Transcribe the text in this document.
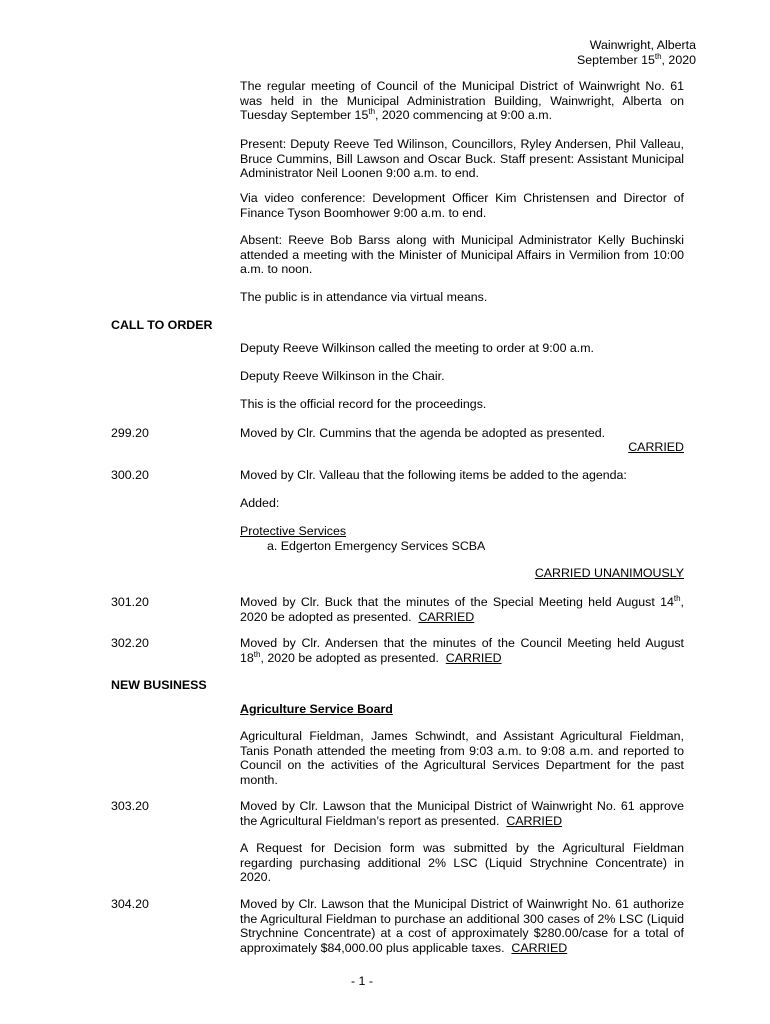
Wainwright, Alberta
September 15th, 2020
The regular meeting of Council of the Municipal District of Wainwright No. 61 was held in the Municipal Administration Building, Wainwright, Alberta on Tuesday September 15th, 2020 commencing at 9:00 a.m.
Present: Deputy Reeve Ted Wilinson, Councillors, Ryley Andersen, Phil Valleau, Bruce Cummins, Bill Lawson and Oscar Buck. Staff present: Assistant Municipal Administrator Neil Loonen 9:00 a.m. to end.
Via video conference: Development Officer Kim Christensen and Director of Finance Tyson Boomhower 9:00 a.m. to end.
Absent: Reeve Bob Barss along with Municipal Administrator Kelly Buchinski attended a meeting with the Minister of Municipal Affairs in Vermilion from 10:00 a.m. to noon.
The public is in attendance via virtual means.
CALL TO ORDER
Deputy Reeve Wilkinson called the meeting to order at 9:00 a.m.
Deputy Reeve Wilkinson in the Chair.
This is the official record for the proceedings.
299.20	Moved by Clr. Cummins that the agenda be adopted as presented.
CARRIED
300.20	Moved by Clr. Valleau that the following items be added to the agenda:
Added:
Protective Services
a. Edgerton Emergency Services SCBA
CARRIED UNANIMOUSLY
301.20	Moved by Clr. Buck that the minutes of the Special Meeting held August 14th, 2020 be adopted as presented. CARRIED
302.20	Moved by Clr. Andersen that the minutes of the Council Meeting held August 18th, 2020 be adopted as presented. CARRIED
NEW BUSINESS
Agriculture Service Board
Agricultural Fieldman, James Schwindt, and Assistant Agricultural Fieldman, Tanis Ponath attended the meeting from 9:03 a.m. to 9:08 a.m. and reported to Council on the activities of the Agricultural Services Department for the past month.
303.20	Moved by Clr. Lawson that the Municipal District of Wainwright No. 61 approve the Agricultural Fieldman’s report as presented. CARRIED
A Request for Decision form was submitted by the Agricultural Fieldman regarding purchasing additional 2% LSC (Liquid Strychnine Concentrate) in 2020.
304.20	Moved by Clr. Lawson that the Municipal District of Wainwright No. 61 authorize the Agricultural Fieldman to purchase an additional 300 cases of 2% LSC (Liquid Strychnine Concentrate) at a cost of approximately $280.00/case for a total of approximately $84,000.00 plus applicable taxes. CARRIED
- 1 -
